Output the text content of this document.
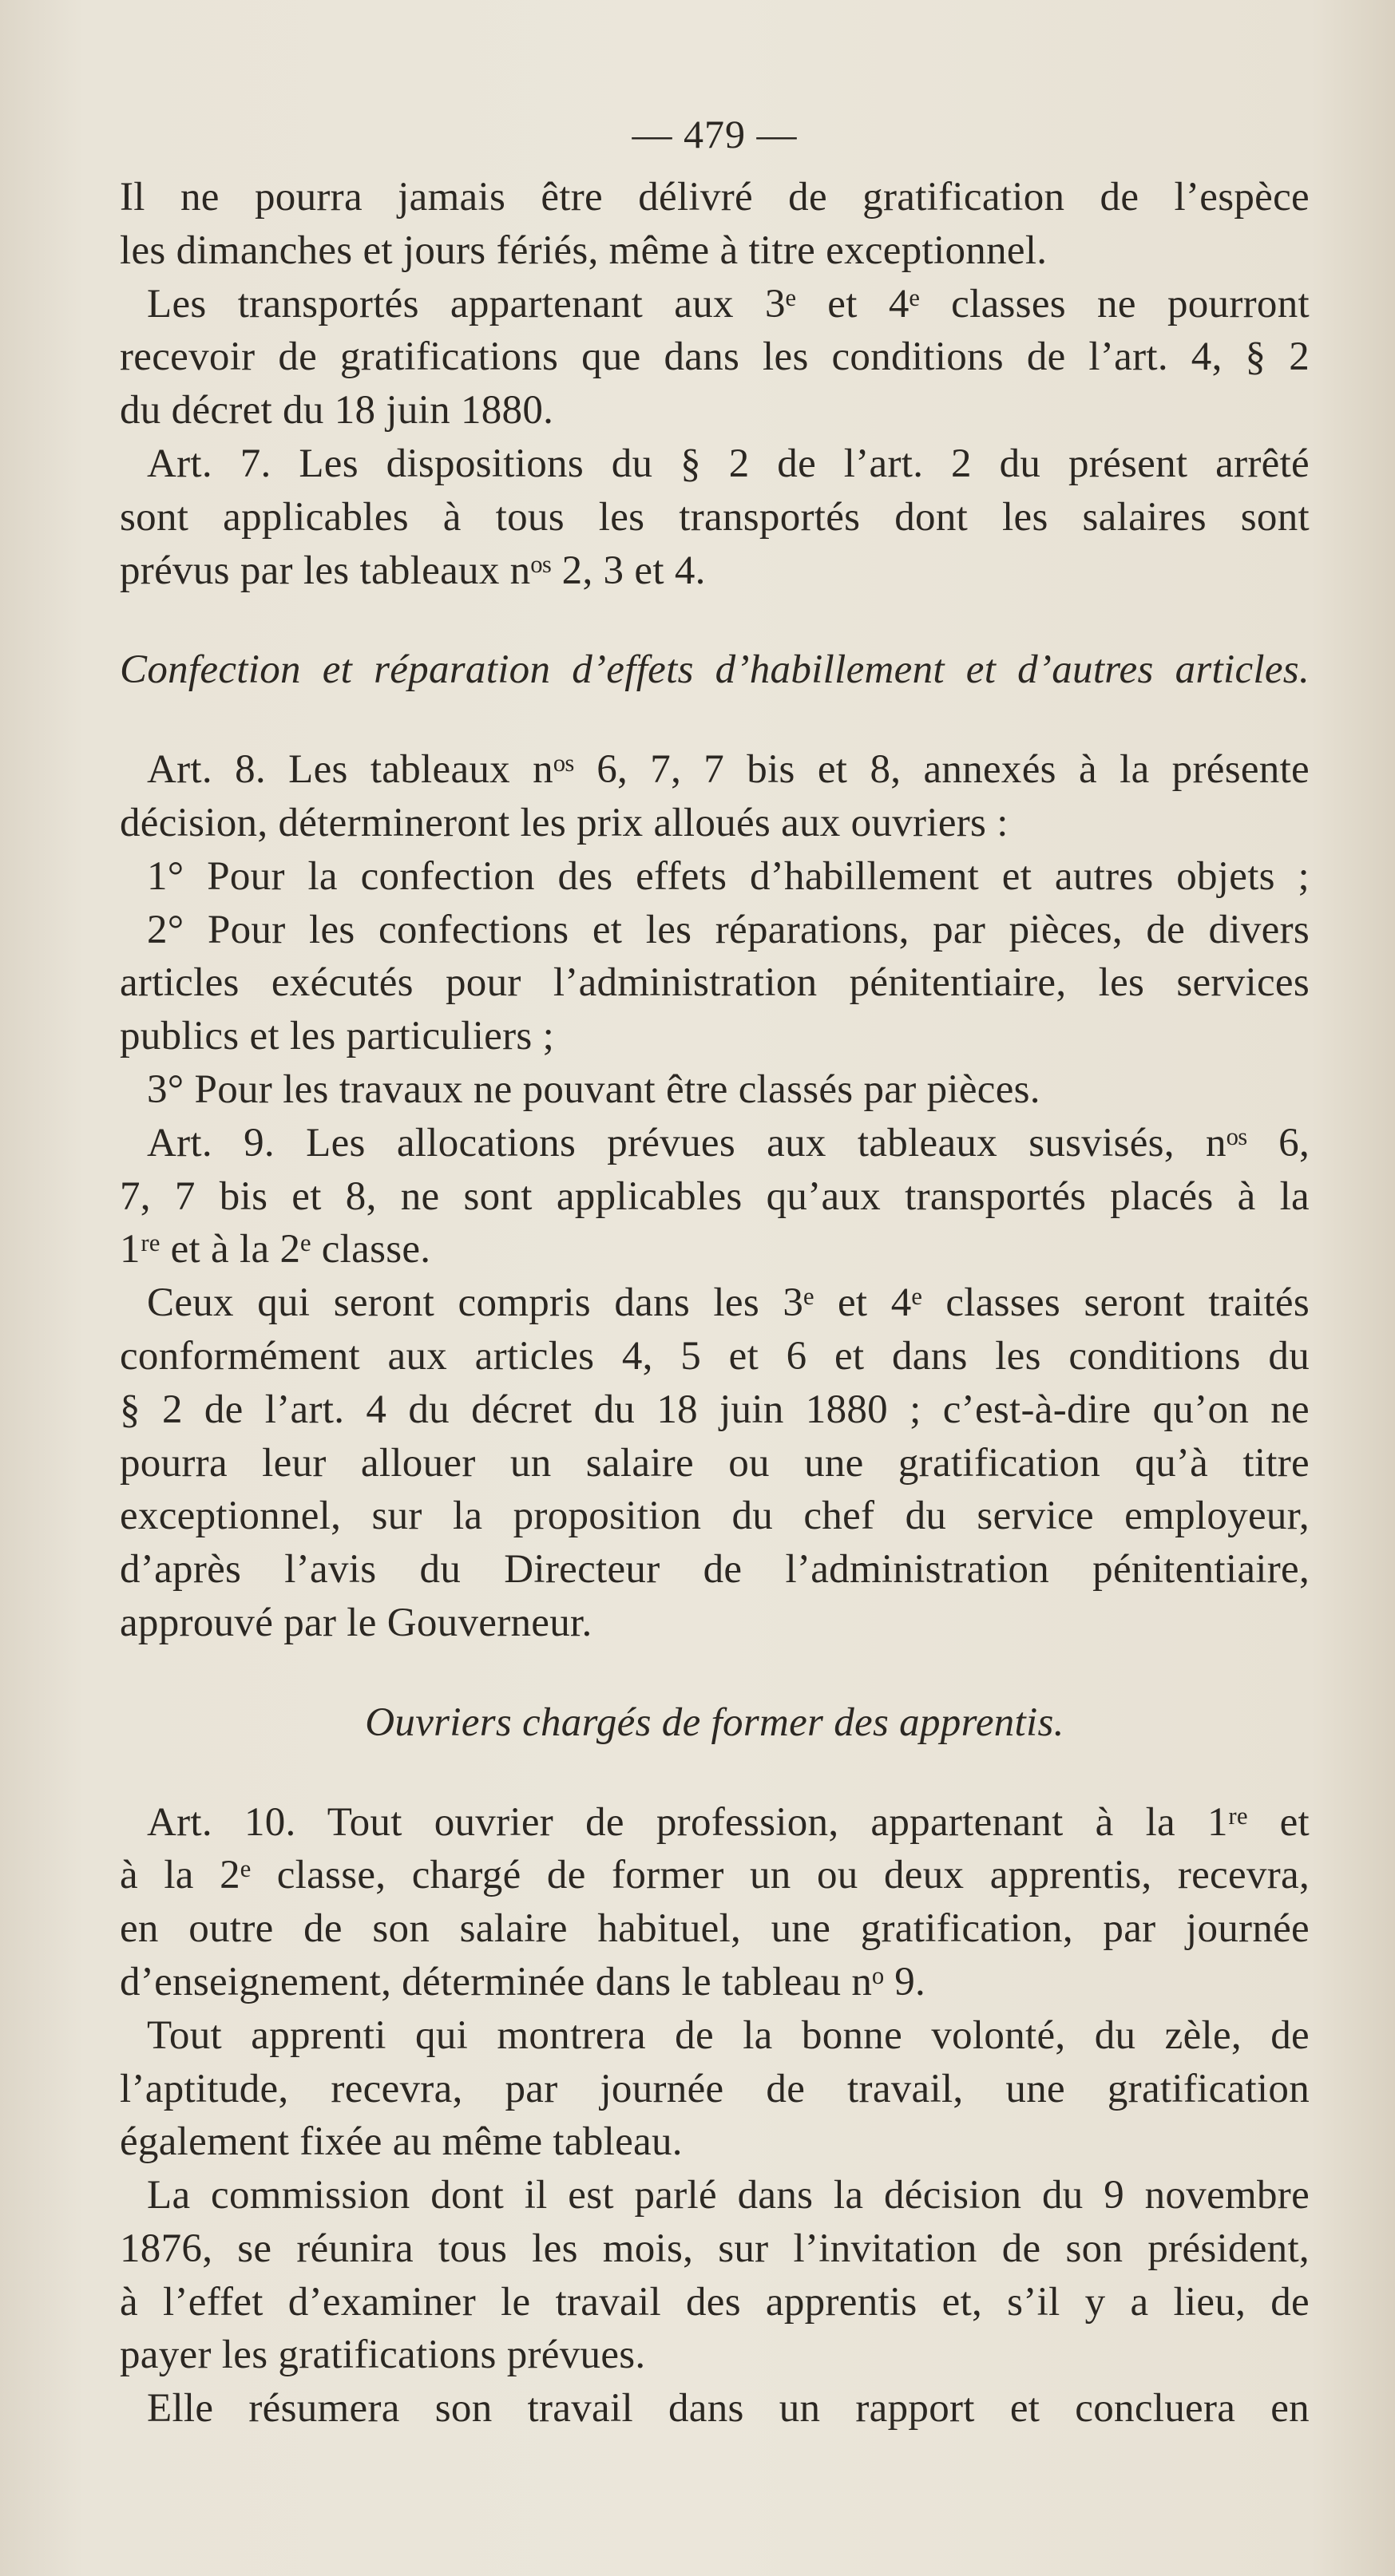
— 479 —
Il ne pourra jamais être délivré de gratification de l’espèce
les dimanches et jours fériés, même à titre exceptionnel.
Les transportés appartenant aux 3ᵉ et 4ᵉ classes ne pourront
recevoir de gratifications que dans les conditions de l’art. 4, § 2
du décret du 18 juin 1880.
Art. 7. Les dispositions du § 2 de l’art. 2 du présent arrêté
sont applicables à tous les transportés dont les salaires sont
prévus par les tableaux nᵒˢ 2, 3 et 4.
Confection et réparation d’effets d’habillement et d’autres articles.
Art. 8. Les tableaux nᵒˢ 6, 7, 7 bis et 8, annexés à la présente
décision, détermineront les prix alloués aux ouvriers :
1° Pour la confection des effets d’habillement et autres objets ;
2° Pour les confections et les réparations, par pièces, de divers
articles exécutés pour l’administration pénitentiaire, les services
publics et les particuliers ;
3° Pour les travaux ne pouvant être classés par pièces.
Art. 9. Les allocations prévues aux tableaux susvisés, nᵒˢ 6,
7, 7 bis et 8, ne sont applicables qu’aux transportés placés à la
1ʳᵉ et à la 2ᵉ classe.
Ceux qui seront compris dans les 3ᵉ et 4ᵉ classes seront traités
conformément aux articles 4, 5 et 6 et dans les conditions du
§ 2 de l’art. 4 du décret du 18 juin 1880 ; c’est-à-dire qu’on ne
pourra leur allouer un salaire ou une gratification qu’à titre
exceptionnel, sur la proposition du chef du service employeur,
d’après l’avis du Directeur de l’administration pénitentiaire,
approuvé par le Gouverneur.
Ouvriers chargés de former des apprentis.
Art. 10. Tout ouvrier de profession, appartenant à la 1ʳᵉ et
à la 2ᵉ classe, chargé de former un ou deux apprentis, recevra,
en outre de son salaire habituel, une gratification, par journée
d’enseignement, déterminée dans le tableau nᵒ 9.
Tout apprenti qui montrera de la bonne volonté, du zèle, de
l’aptitude, recevra, par journée de travail, une gratification
également fixée au même tableau.
La commission dont il est parlé dans la décision du 9 novembre
1876, se réunira tous les mois, sur l’invitation de son président,
à l’effet d’examiner le travail des apprentis et, s’il y a lieu, de
payer les gratifications prévues.
Elle résumera son travail dans un rapport et concluera en
